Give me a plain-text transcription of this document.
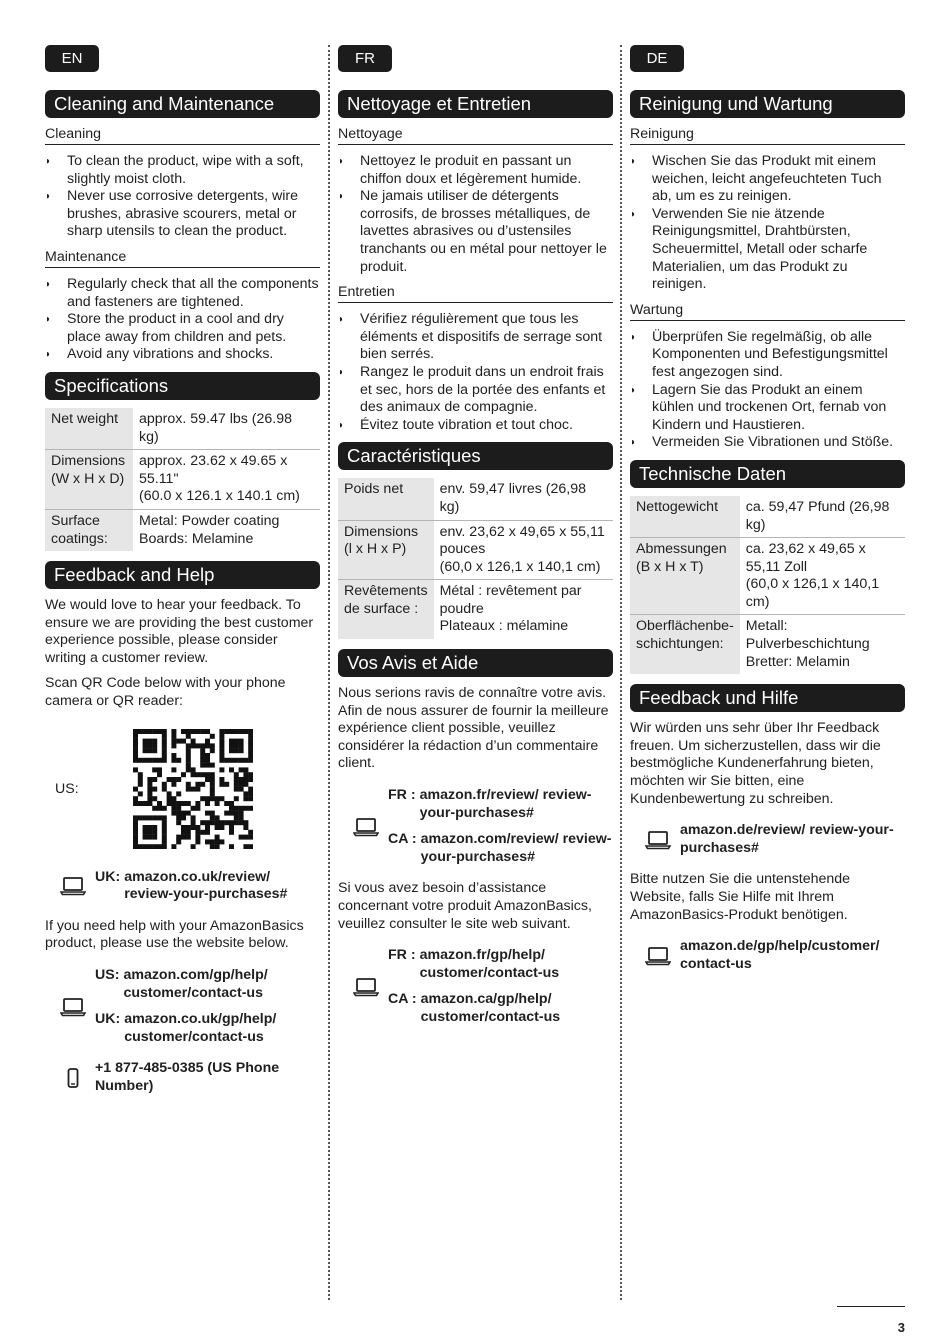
EN
Cleaning and Maintenance
Cleaning
◗ To clean the product, wipe with a soft, slightly moist cloth.
◗ Never use corrosive detergents, wire brushes, abrasive scourers, metal or sharp utensils to clean the product.
Maintenance
◗ Regularly check that all the components and fasteners are tightened.
◗ Store the product in a cool and dry place away from children and pets.
◗ Avoid any vibrations and shocks.
Specifications
Net weight	approx. 59.47 lbs (26.98 kg)

Dimensions (W x H x D)	approx. 23.62 x 49.65 x 55.11"
(60.0 x 126.1 x 140.1 cm)

Surface coatings:	Metal: Powder coating
Boards: Melamine
Feedback and Help

We would love to hear your feedback. To ensure we are providing the best customer experience possible, please consider writing a customer review.

Scan QR Code below with your phone camera or QR reader:

US:
UK: amazon.co.uk/review/ review-your-purchases#

If you need help with your AmazonBasics product, please use the website below.

US: amazon.com/gp/help/ customer/contact-us
UK: amazon.co.uk/gp/help/ customer/contact-us
+1 877-485-0385 (US Phone Number)
FR
Nettoyage et Entretien
Nettoyage
◗ Nettoyez le produit en passant un chiffon doux et légèrement humide.
◗ Ne jamais utiliser de détergents corrosifs, de brosses métalliques, de lavettes abrasives ou d’ustensiles tranchants ou en métal pour nettoyer le produit.
Entretien
◗ Vérifiez régulièrement que tous les éléments et dispositifs de serrage sont bien serrés.
◗ Rangez le produit dans un endroit frais et sec, hors de la portée des enfants et des animaux de compagnie.
◗ Évitez toute vibration et tout choc.
Caractéristiques
Poids net	env. 59,47 livres (26,98 kg)

Dimensions (l x H x P)	env. 23,62 x 49,65 x 55,11 pouces
(60,0 x 126,1 x 140,1 cm)

Revêtements de surface :	Métal : revêtement par poudre
Plateaux : mélamine
Vos Avis et Aide

Nous serions ravis de connaître votre avis. Afin de nous assurer de fournir la meilleure expérience client possible, veuillez considérer la rédaction d’un commentaire client.

FR : amazon.fr/review/ review-your-purchases#
CA : amazon.com/review/ review-your-purchases#

Si vous avez besoin d’assistance concernant votre produit AmazonBasics, veuillez consulter le site web suivant.

FR : amazon.fr/gp/help/ customer/contact-us
CA : amazon.ca/gp/help/ customer/contact-us
DE
Reinigung und Wartung
Reinigung
◗ Wischen Sie das Produkt mit einem weichen, leicht angefeuchteten Tuch ab, um es zu reinigen.
◗ Verwenden Sie nie ätzende Reinigungsmittel, Drahtbürsten, Scheuermittel, Metall oder scharfe Materialien, um das Produkt zu reinigen.
Wartung
◗ Überprüfen Sie regelmäßig, ob alle Komponenten und Befestigungsmittel fest angezogen sind.
◗ Lagern Sie das Produkt an einem kühlen und trockenen Ort, fernab von Kindern und Haustieren.
◗ Vermeiden Sie Vibrationen und Stöße.
Technische Daten
Nettogewicht	ca. 59,47 Pfund (26,98 kg)

Abmessungen (B x H x T)	ca. 23,62 x 49,65 x 55,11 Zoll
(60,0 x 126,1 x 140,1 cm)

Oberflächenbe-schichtungen:	Metall: Pulverbeschichtung
Bretter: Melamin
Feedback und Hilfe

Wir würden uns sehr über Ihr Feedback freuen. Um sicherzustellen, dass wir die bestmögliche Kundenerfahrung bieten, möchten wir Sie bitten, eine Kundenbewertung zu schreiben.

amazon.de/review/ review-your-purchases#

Bitte nutzen Sie die untenstehende Website, falls Sie Hilfe mit Ihrem AmazonBasics-Produkt benötigen.

amazon.de/gp/help/customer/ contact-us
3
